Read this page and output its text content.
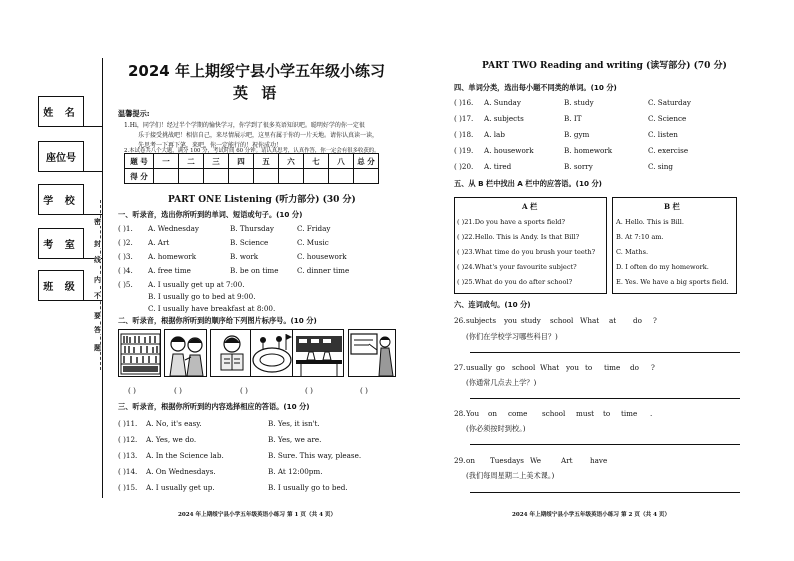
姓 名
座位号
学 校
考 室
班 级
密
封
线
内
不
要
答
题
2024 年上期绥宁县小学五年级小练习
英 语
温馨提示:
1.Hi，同学们！经过半个学期的愉快学习，你学到了很多英语知识吧。聪明好学的你一定很
乐于接受挑战吧！相信自己，来尽情展示吧，这里有属于你的一片天地。请你认真读一读，
先思考一下再下笔，来吧，你一定能行的！祝你成功！
2.本试卷共八个大题，满分 100 分，考试时间 60 分钟。请认真思考，认真作答，你一定会有很多收获的。
题 号	一	二	三	四	五	六	七	八	总 分
得 分									
PART ONE Listening (听力部分) (30 分)
一、听录音，选出你所听到的单词、短语或句子。(10 分)
( )1. A. Wednesday	B. Thursday	C. Friday
( )2. A. Art	B. Science	C. Music
( )3. A. homework	B. work	C. housework
( )4. A. free time	B. be on time	C. dinner time
( )5. A. I usually get up at 7:00.
B. I usually go to bed at 9:00.
C. I usually have breakfast at 8:00.
二、听录音，根据你所听到的顺序给下列图片标序号。(10 分)
( )	( )	( )	( )	( )
三、听录音，根据你所听到的内容选择相应的答语。(10 分)
( )11. A. No, it's easy.	B. Yes, it isn't.
( )12. A. Yes, we do.	B. Yes, we are.
( )13. A. In the Science lab.	B. Sure. This way, please.
( )14. A. On Wednesdays.	B. At 12:00pm.
( )15. A. I usually get up.	B. I usually go to bed.
2024 年上期绥宁县小学五年级英语小练习 第 1 页（共 4 页）
PART TWO Reading and writing (读写部分) (70 分)
四、单词分类，选出每小题不同类的单词。(10 分)
( )16. A. Sunday	B. study	C. Saturday
( )17. A. subjects	B. IT	C. Science
( )18. A. lab	B. gym	C. listen
( )19. A. housework	B. homework	C. exercise
( )20. A. tired	B. sorry	C. sing
五、从 B 栏中找出 A 栏中的应答语。(10 分)
A 栏	B 栏
( )21.Do you have a sports field?
( )22.Hello. This is Andy. Is that Bill?
( )23.What time do you brush your teeth?
( )24.What's your favourite subject?
( )25.What do you do after school?
A. Hello. This is Bill.
B. At 7:10 am.
C. Maths.
D. I often do my homework.
E. Yes. We have a big sports field.
六、连词成句。(10 分)
26. subjects you study school What at do ?
(你们在学校学习哪些科目？)
27. usually go school What you to time do ?
(你通常几点去上学？)
28. You on come school must to time .
(你必须按时到校。)
29. on Tuesdays We	Art have
(我们每周星期二上美术课。)
2024 年上期绥宁县小学五年级英语小练习 第 2 页（共 4 页）
